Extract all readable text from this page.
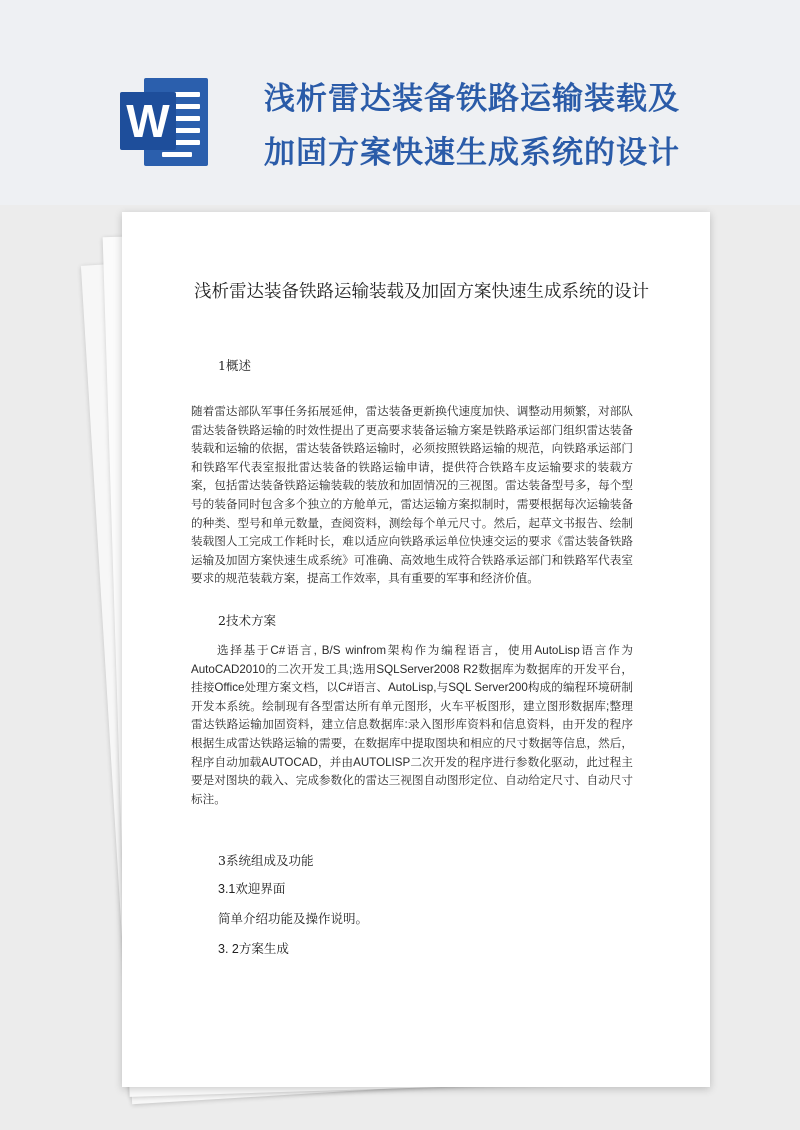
W	浅析雷达装备铁路运输装载及
加固方案快速生成系统的设计
浅析雷达装备铁路运输装载及加固方案快速生成系统的设计

1概述

随着雷达部队军事任务拓展延伸，雷达装备更新换代速度加快、调整动用频繁，对部队雷达装备铁路运输的时效性提出了更高要求装备运输方案是铁路承运部门组织雷达装备装载和运输的依据，雷达装备铁路运输时，必须按照铁路运输的规范，向铁路承运部门和铁路军代表室报批雷达装备的铁路运输申请，提供符合铁路车皮运输要求的装载方案，包括雷达装备铁路运输装载的装放和加固情况的三视图。雷达装备型号多，每个型号的装备同时包含多个独立的方舱单元，雷达运输方案拟制时，需要根据每次运输装备的种类、型号和单元数量，查阅资料，测绘每个单元尺寸。然后，起草文书报告、绘制装载图人工完成工作耗时长，难以适应向铁路承运单位快速交运的要求《雷达装备铁路运输及加固方案快速生成系统》可准确、高效地生成符合铁路承运部门和铁路军代表室要求的规范装载方案，提高工作效率，具有重要的军事和经济价值。

2技术方案

选择基于C#语言, B/S winfrom架构作为编程语言，使用AutoLisp语言作为AutoCAD2010的二次开发工具;选用SQLServer2008 R2数据库为数据库的开发平台，挂接Office处理方案文档，以C#语言、AutoLisp,与SQL Server200构成的编程环境研制开发本系统。绘制现有各型雷达所有单元图形，火车平板图形，建立图形数据库;整理雷达铁路运输加固资料，建立信息数据库:录入图形库资料和信息资料，由开发的程序根据生成雷达铁路运输的需要，在数据库中提取图块和相应的尺寸数据等信息，然后，程序自动加载AUTOCAD，并由AUTOLISP二次开发的程序进行参数化驱动，此过程主要是对图块的载入、完成参数化的雷达三视图自动图形定位、自动给定尺寸、自动尺寸标注。

3系统组成及功能

3.1欢迎界面

简单介绍功能及操作说明。

3. 2方案生成
